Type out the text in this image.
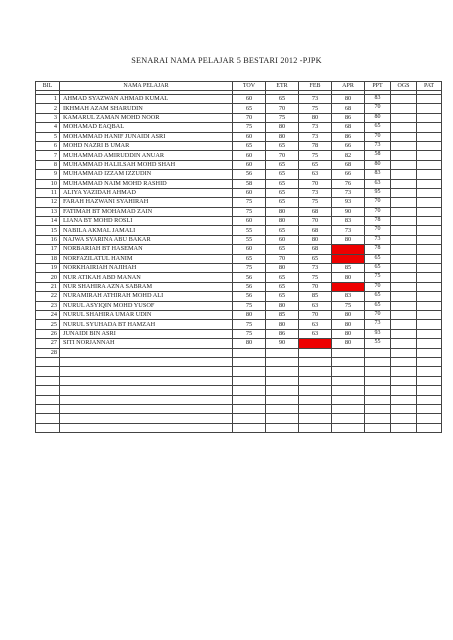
SENARAI NAMA PELAJAR 5 BESTARI 2012 -PJPK
BIL	NAMA PELAJAR	TOV	ETR	FEB	APR	PPT	OGS	PAT

1	AHMAD SYAZWAN AHMAD KUMAL	60	65	73	80	83		
2	IKHMAH AZAM SHARUDIN	65	70	75	68	70		
3	KAMARUL ZAMAN MOHD NOOR	70	75	80	86	80		
4	MOHAMAD EAQBAL	75	80	73	68	65		
5	MOHAMMAD HANIF JUNAIDI ASRI	60	80	73	86	70		
6	MOHD NAZRI B UMAR	65	65	78	66	73		
7	MUHAMMAD AMIRUDDIN ANUAR	60	70	75	82	58		
8	MUHAMMAD HALILSAH MOHD SHAH	60	65	65	68	80		
9	MUHAMMAD IZZAM IZZUDIN	56	65	63	66	83		
10	MUHAMMAD NAIM MOHD RASHID	58	65	70	76	63		
11	ALIYA YAZIDAH AHMAD	60	65	73	73	95		
12	FARAH HAZWANI SYAHIRAH	75	65	75	93	70		
13	FATIMAH BT MOHAMAD ZAIN	75	80	68	90	70		
14	LIANA BT MOHD ROSLI	60	80	70	83	78		
15	NABILA AKMAL JAMALI	55	65	68	73	70		
16	NAJWA SYARINA ABU BAKAR	55	60	80	80	73		
17	NORBARIAH BT HASEMAN	60	65	68		78		
18	NORFAZILATUL HANIM	65	70	65		65		
19	NORKHAIRIAH NAJIHAH	75	80	73	85	65		
20	NUR ATIKAH ABD MANAN	56	65	75	80	75		
21	NUR SHAHIRA AZNA SABRAM	56	65	70		70		
22	NURAMIRAH ATHIRAH MOHD ALI	56	65	85	83	65		
23	NURUL ASYIQIN MOHD YUSOF	75	80	63	75	65		
24	NURUL SHAHIRA UMAR UDIN	80	85	70	80	70		
25	NURUL SYUHADA BT HAMZAH	75	80	63	80	73		
26	JUNAIDI BIN ASRI	75	86	63	80	93		
27	SITI NORJANNAH	80	90		80	55		
28								
